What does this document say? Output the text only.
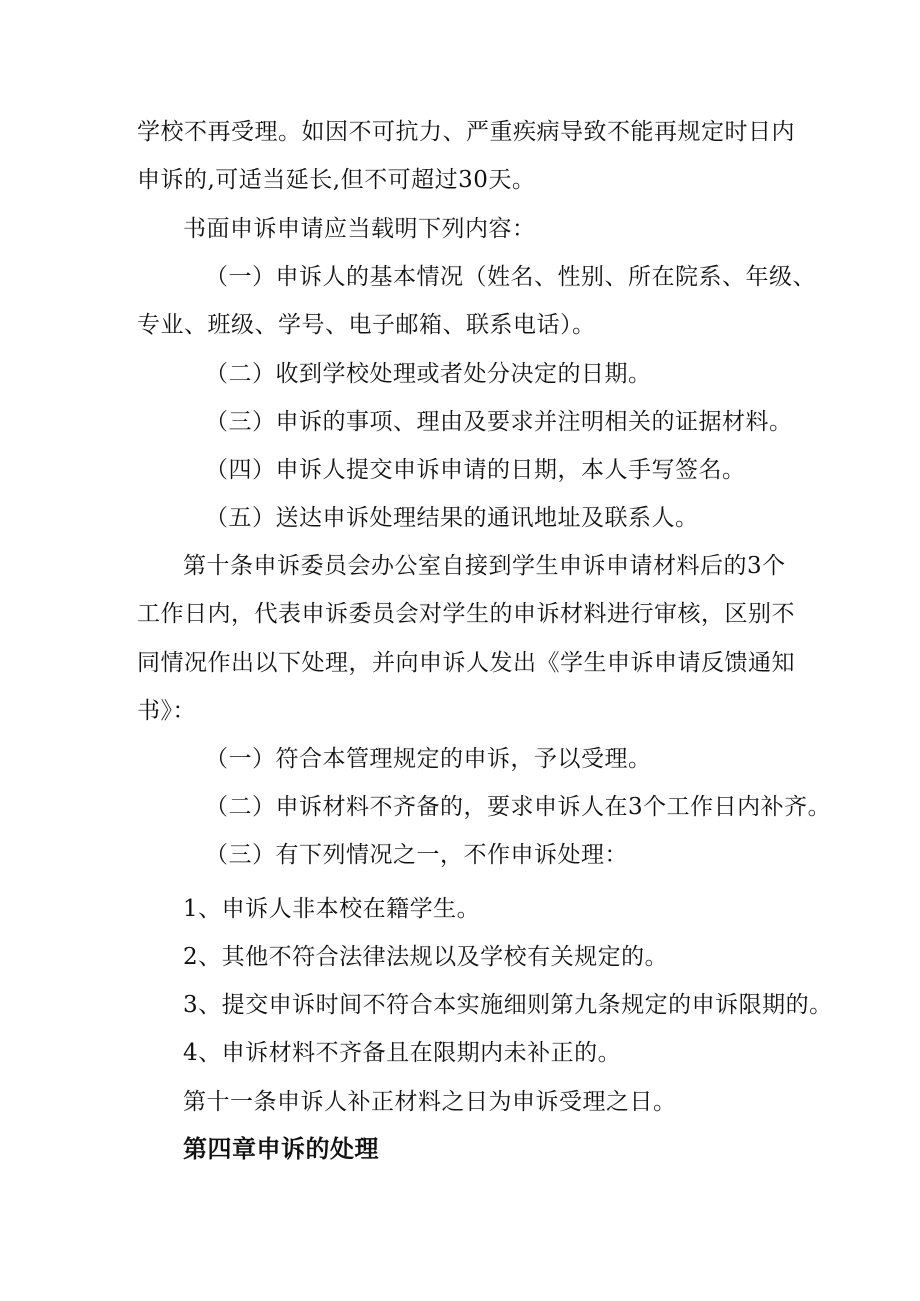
学校不再受理。如因不可抗力、严重疾病导致不能再规定时日内
申诉的,可适当延长,但不可超过30天。
书面申诉申请应当载明下列内容：
（一）申诉人的基本情况（姓名、性别、所在院系、年级、
专业、班级、学号、电子邮箱、联系电话）。
（二）收到学校处理或者处分决定的日期。
（三）申诉的事项、理由及要求并注明相关的证据材料。
（四）申诉人提交申诉申请的日期，本人手写签名。
（五）送达申诉处理结果的通讯地址及联系人。
第十条申诉委员会办公室自接到学生申诉申请材料后的3个
工作日内，代表申诉委员会对学生的申诉材料进行审核，区别不
同情况作出以下处理，并向申诉人发出《学生申诉申请反馈通知
书》：
（一）符合本管理规定的申诉，予以受理。
（二）申诉材料不齐备的，要求申诉人在3个工作日内补齐。
（三）有下列情况之一，不作申诉处理：
1、申诉人非本校在籍学生。
2、其他不符合法律法规以及学校有关规定的。
3、提交申诉时间不符合本实施细则第九条规定的申诉限期的。
4、申诉材料不齐备且在限期内未补正的。
第十一条申诉人补正材料之日为申诉受理之日。
第四章申诉的处理
